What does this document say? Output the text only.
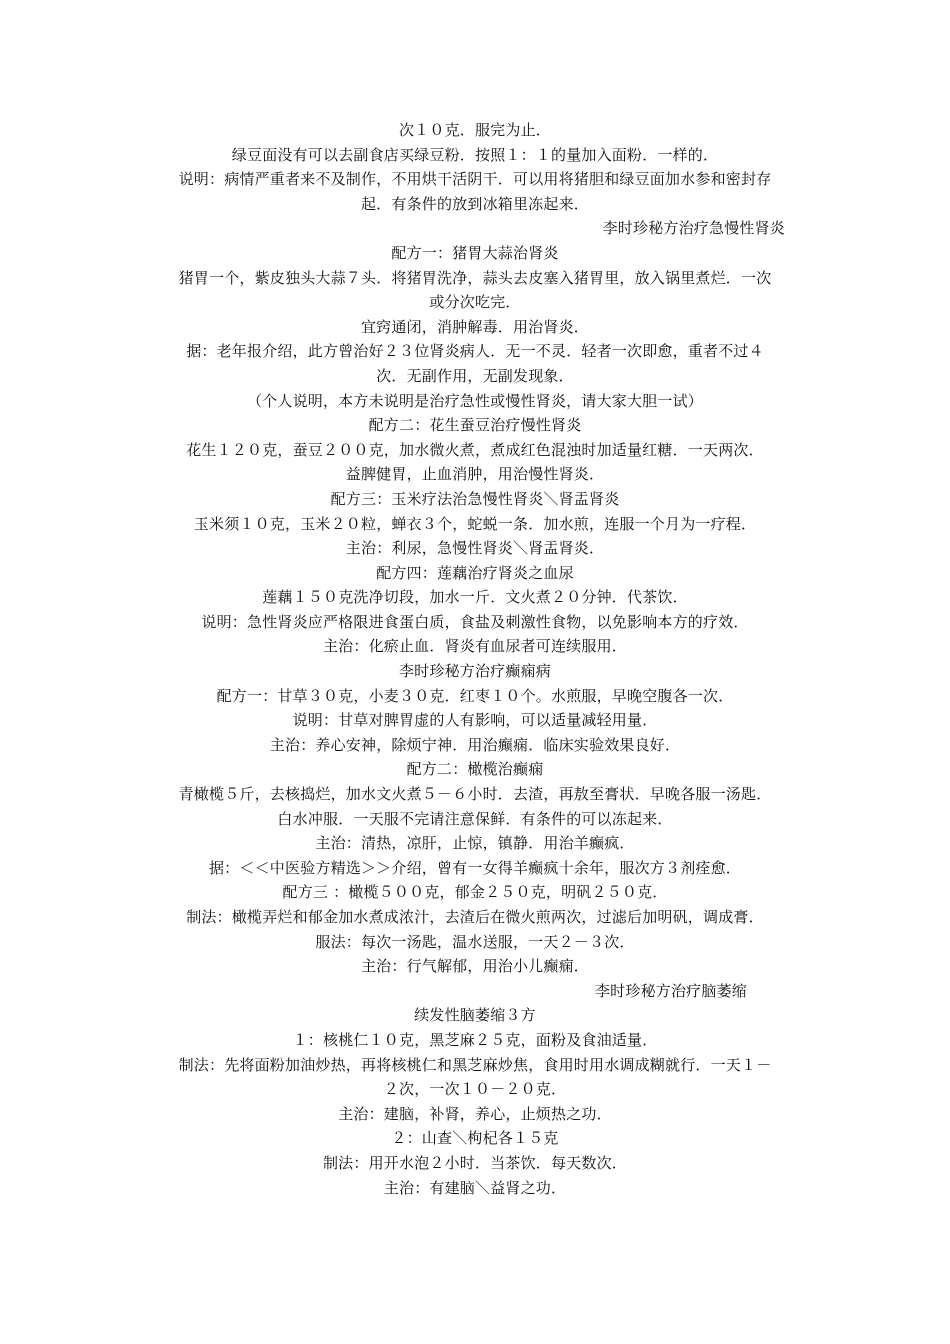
次１０克．服完为止．
绿豆面没有可以去副食店买绿豆粉．按照１：１的量加入面粉．一样的．
说明：病情严重者来不及制作，不用烘干活阴干．可以用将猪胆和绿豆面加水参和密封存
起．有条件的放到冰箱里冻起来．
李时珍秘方治疗急慢性肾炎
配方一：猪胃大蒜治肾炎
猪胃一个，紫皮独头大蒜７头．将猪胃洗净，蒜头去皮塞入猪胃里，放入锅里煮烂．一次
或分次吃完．
宜窍通闭，消肿解毒．用治肾炎．
据：老年报介绍，此方曾治好２３位肾炎病人．无一不灵．轻者一次即愈，重者不过４
次．无副作用，无副发现象．
（个人说明，本方未说明是治疗急性或慢性肾炎，请大家大胆一试）
配方二：花生蚕豆治疗慢性肾炎
花生１２０克，蚕豆２００克，加水微火煮，煮成红色混浊时加适量红糖．一天两次．
益脾健胃，止血消肿，用治慢性肾炎．
配方三：玉米疗法治急慢性肾炎＼肾盂肾炎
玉米须１０克，玉米２０粒，蝉衣３个，蛇蜕一条．加水煎，连服一个月为一疗程．
主治：利尿，急慢性肾炎＼肾盂肾炎．
配方四：莲藕治疗肾炎之血尿
莲藕１５０克洗净切段，加水一斤．文火煮２０分钟．代茶饮．
说明：急性肾炎应严格限进食蛋白质，食盐及刺激性食物，以免影响本方的疗效．
主治：化瘀止血．肾炎有血尿者可连续服用．
李时珍秘方治疗癫痫病
配方一：甘草３０克，小麦３０克．红枣１０个。水煎服，早晚空腹各一次．
说明：甘草对脾胃虚的人有影响，可以适量减轻用量．
主治：养心安神，除烦宁神．用治癫痫．临床实验效果良好．
配方二：橄榄治癫痫
青橄榄５斤，去核捣烂，加水文火煮５－６小时．去渣，再敖至膏状．早晚各服一汤匙．
白水冲服．一天服不完请注意保鲜．有条件的可以冻起来．
主治：清热，凉肝，止惊，镇静．用治羊癫疯．
据：＜＜中医验方精选＞＞介绍，曾有一女得羊癫疯十余年，服次方３剂痊愈．
配方三 ：橄榄５００克，郁金２５０克，明矾２５０克．
制法：橄榄弄烂和郁金加水煮成浓汁，去渣后在微火煎两次，过滤后加明矾，调成膏．
服法：每次一汤匙，温水送服，一天２－３次．
主治：行气解郁，用治小儿癫痫．
李时珍秘方治疗脑萎缩
续发性脑萎缩３方
１：核桃仁１０克，黑芝麻２５克，面粉及食油适量．
制法：先将面粉加油炒热，再将核桃仁和黑芝麻炒焦，食用时用水调成糊就行．一天１－
２次，一次１０－２０克．
主治：建脑，补肾，养心，止烦热之功．
２：山查＼枸杞各１５克
制法：用开水泡２小时．当茶饮．每天数次．
主治：有建脑＼益肾之功．
